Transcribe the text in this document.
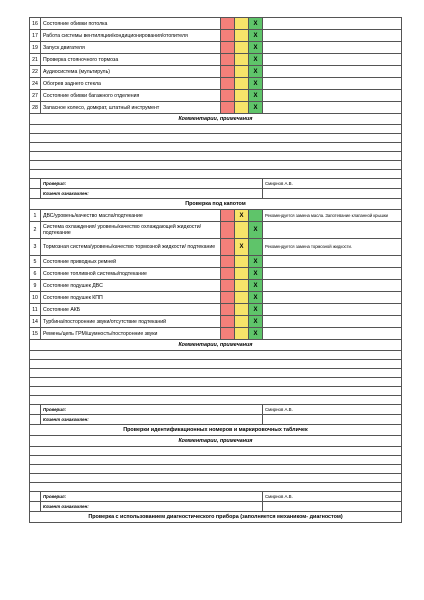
16	Состояние обивки потолка			X	
17	Работа системы вентиляции/кондиционирования/отопителя			X	
19	Запуск двигателя			X	
21	Проверка стояночного тормоза			X	
22	Аудиосистема (мультируль)			X	
24	Обогрев заднего стекла			X	
27	Состояние обивки багажного отделения			X	
28	Запасное колесо, домкрат, штатный инструмент			X	
Комментарии, примечания					

	Проверил:				Смирнов А.В.
	Клиент ознакомлен:				
Проверка под капотом					
1	ДВС/уровень/качество масла/подтекание		X		Рекомендуется замена масла. Запотевание клапанной крышки
2	Система охлаждения/ уровень/качество охлаждающей жидкости/ подтекание			X	
3	Тормозная система/уровень/качество тормозной жидкости/ подтекание		X		Рекомендуется замена тормозной жидкости.
5	Состояние приводных ремней			X	
6	Состояние топливной системы/подтекание			X	
9	Состояние подушек ДВС			X	
10	Состояние подушек КПП			X	
11	Состояние АКБ			X	
14	Турбина/посторонние звуки/отсутствие подтеканий			X	
15	Ремень/цепь ГРМ/шумность/посторонние звуки			X	
Комментарии, примечания					

	Проверил:				Смирнов А.В.
	Клиент ознакомлен:				
Проверки идентификационных номеров и маркировочных табличек					
Комментарии, примечания					

	Проверил:				Смирнов А.В.
	Клиент ознакомлен:				
Проверка с использованием диагностического прибора (заполняется механиком- диагностом)					
